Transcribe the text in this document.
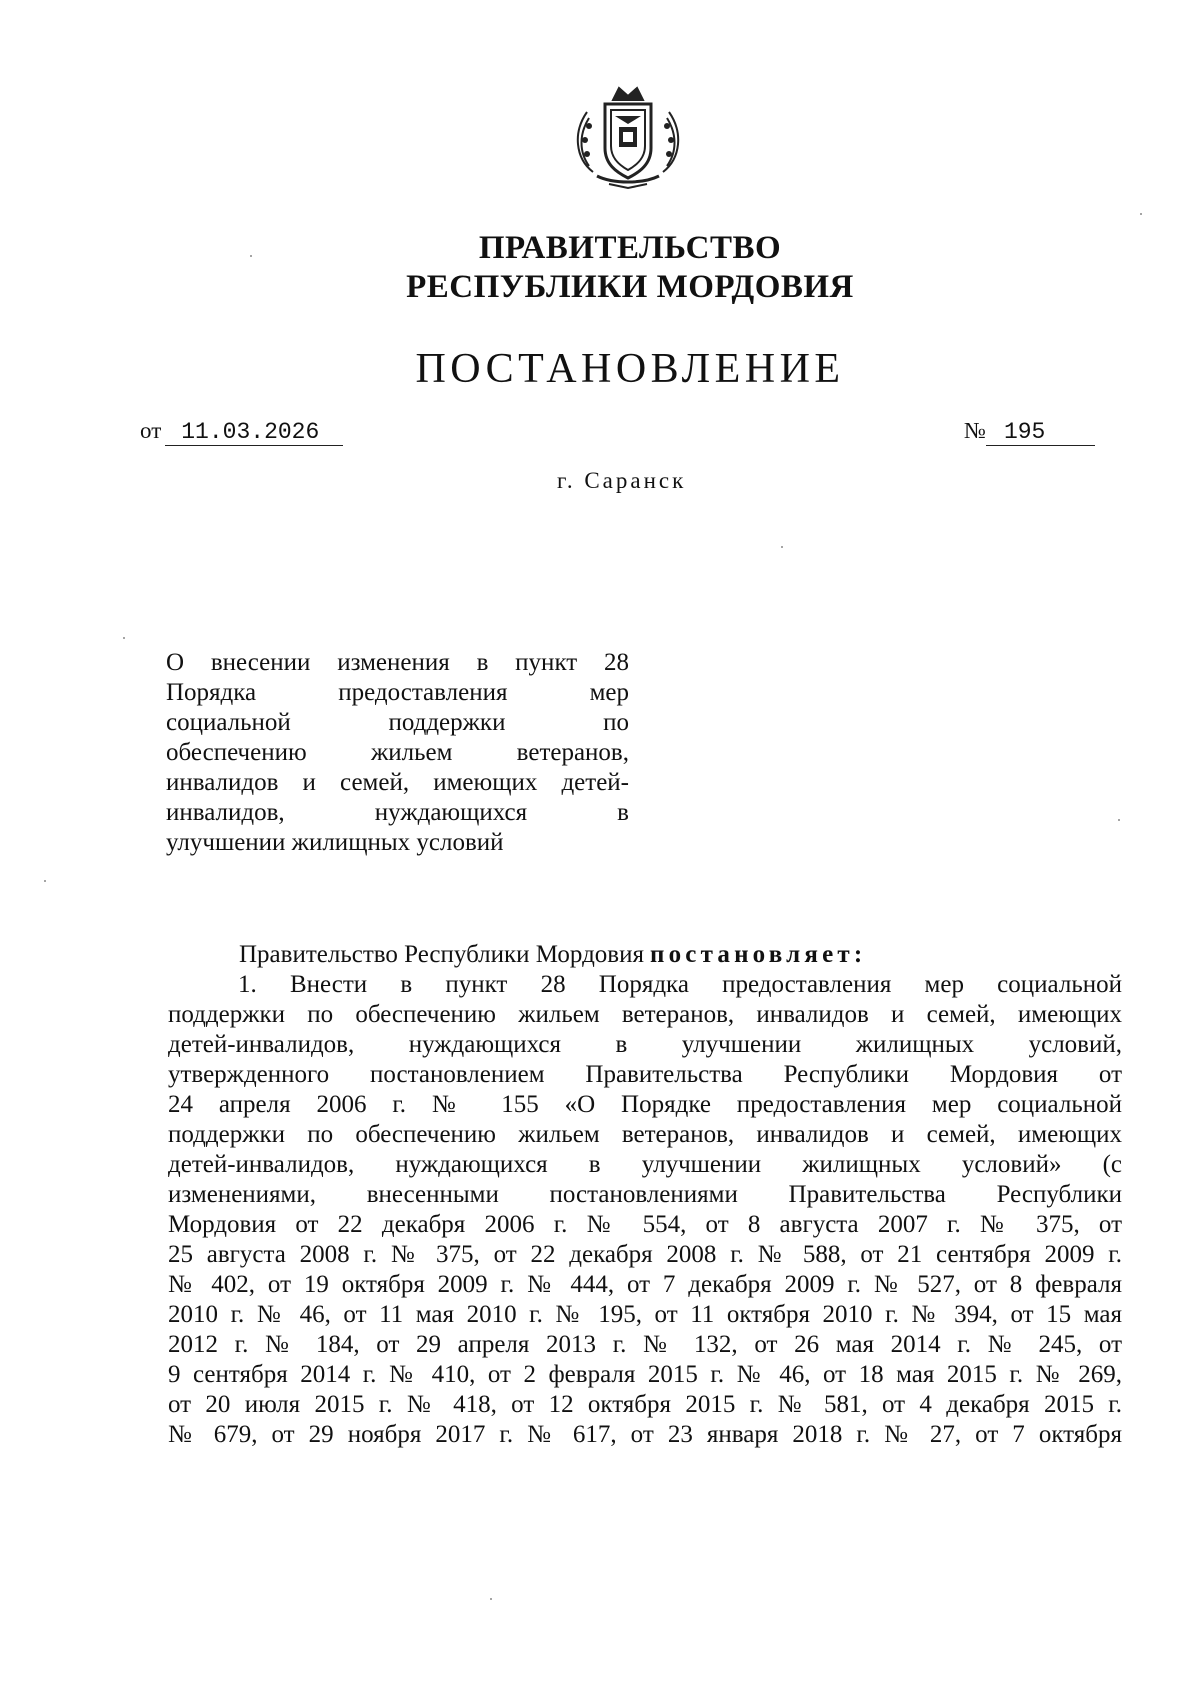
ПРАВИТЕЛЬСТВО
РЕСПУБЛИКИ МОРДОВИЯ
ПОСТАНОВЛЕНИЕ
от 11.03.2026	№ 195
г. Саранск
О внесении изменения в пункт 28
Порядка предоставления мер
социальной поддержки по
обеспечению жильем ветеранов,
инвалидов и семей, имеющих детей-
инвалидов, нуждающихся в
улучшении жилищных условий
Правительство Республики Мордовия постановляет:
1. Внести в пункт 28 Порядка предоставления мер социальной
поддержки по обеспечению жильем ветеранов, инвалидов и семей, имеющих
детей-инвалидов, нуждающихся в улучшении жилищных условий,
утвержденного постановлением Правительства Республики Мордовия от
24 апреля 2006 г. № 155 «О Порядке предоставления мер социальной
поддержки по обеспечению жильем ветеранов, инвалидов и семей, имеющих
детей-инвалидов, нуждающихся в улучшении жилищных условий» (с
изменениями, внесенными постановлениями Правительства Республики
Мордовия от 22 декабря 2006 г. № 554, от 8 августа 2007 г. № 375, от
25 августа 2008 г. № 375, от 22 декабря 2008 г. № 588, от 21 сентября 2009 г.
№ 402, от 19 октября 2009 г. № 444, от 7 декабря 2009 г. № 527, от 8 февраля
2010 г. № 46, от 11 мая 2010 г. № 195, от 11 октября 2010 г. № 394, от 15 мая
2012 г. № 184, от 29 апреля 2013 г. № 132, от 26 мая 2014 г. № 245, от
9 сентября 2014 г. № 410, от 2 февраля 2015 г. № 46, от 18 мая 2015 г. № 269,
от 20 июля 2015 г. № 418, от 12 октября 2015 г. № 581, от 4 декабря 2015 г.
№ 679, от 29 ноября 2017 г. № 617, от 23 января 2018 г. № 27, от 7 октября
